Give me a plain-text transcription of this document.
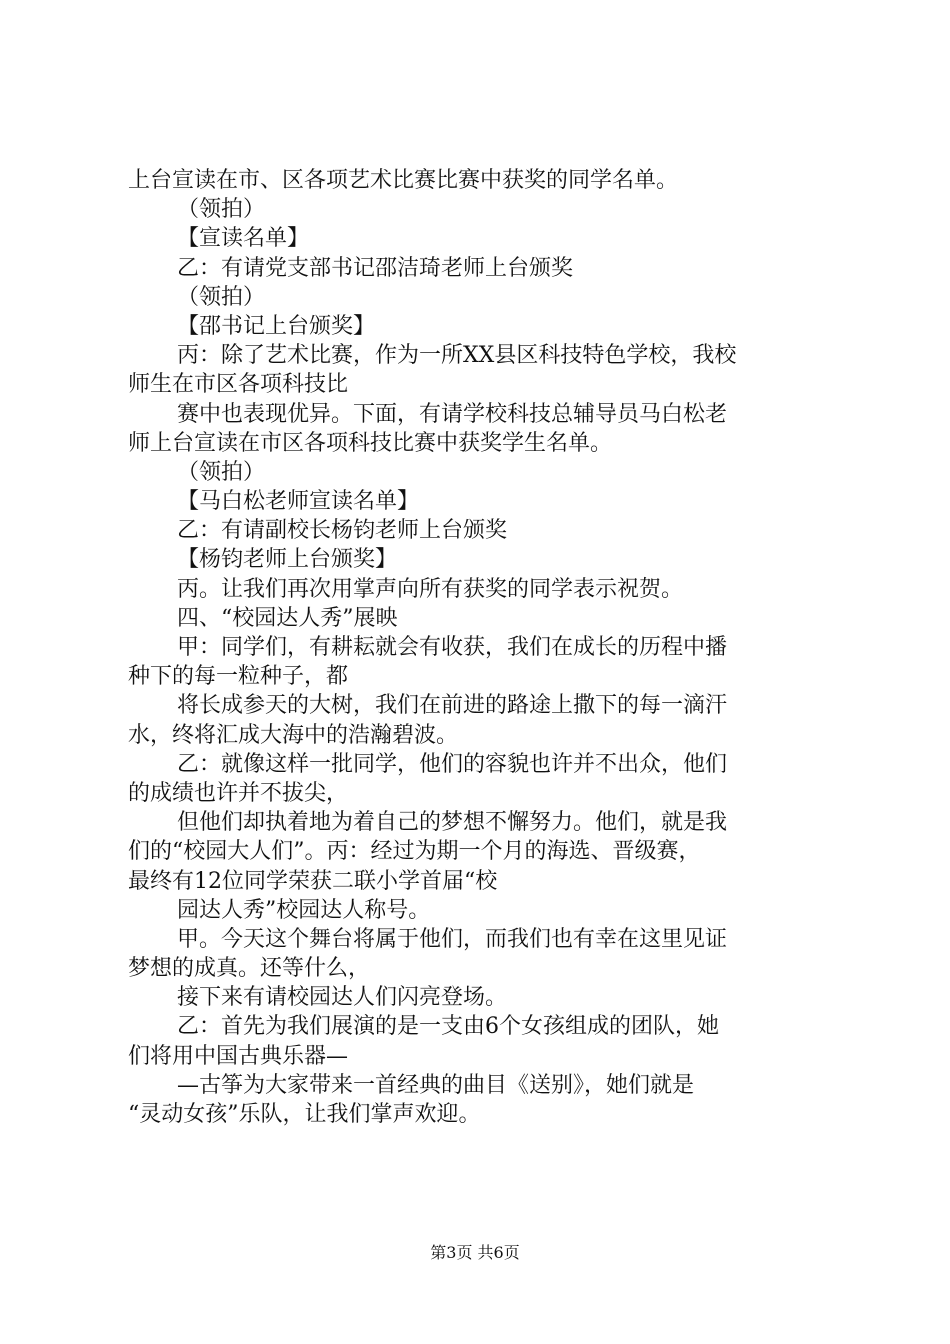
上台宣读在市、区各项艺术比赛比赛中获奖的同学名单。
（领拍）
【宣读名单】
乙：有请党支部书记邵洁琦老师上台颁奖
（领拍）
【邵书记上台颁奖】
丙：除了艺术比赛，作为一所XX县区科技特色学校，我校
师生在市区各项科技比
赛中也表现优异。下面，有请学校科技总辅导员马白松老
师上台宣读在市区各项科技比赛中获奖学生名单。
（领拍）
【马白松老师宣读名单】
乙：有请副校长杨钧老师上台颁奖
【杨钧老师上台颁奖】
丙。让我们再次用掌声向所有获奖的同学表示祝贺。
四、“校园达人秀”展映
甲：同学们，有耕耘就会有收获，我们在成长的历程中播
种下的每一粒种子，都
将长成参天的大树，我们在前进的路途上撒下的每一滴汗
水，终将汇成大海中的浩瀚碧波。
乙：就像这样一批同学，他们的容貌也许并不出众，他们
的成绩也许并不拔尖，
但他们却执着地为着自己的梦想不懈努力。他们，就是我
们的“校园大人们”。丙：经过为期一个月的海选、晋级赛，
最终有12位同学荣获二联小学首届“校
园达人秀”校园达人称号。
甲。今天这个舞台将属于他们，而我们也有幸在这里见证
梦想的成真。还等什么，
接下来有请校园达人们闪亮登场。
乙：首先为我们展演的是一支由6个女孩组成的团队，她
们将用中国古典乐器—
—古筝为大家带来一首经典的曲目《送别》，她们就是
“灵动女孩”乐队，让我们掌声欢迎。
第3页 共6页
